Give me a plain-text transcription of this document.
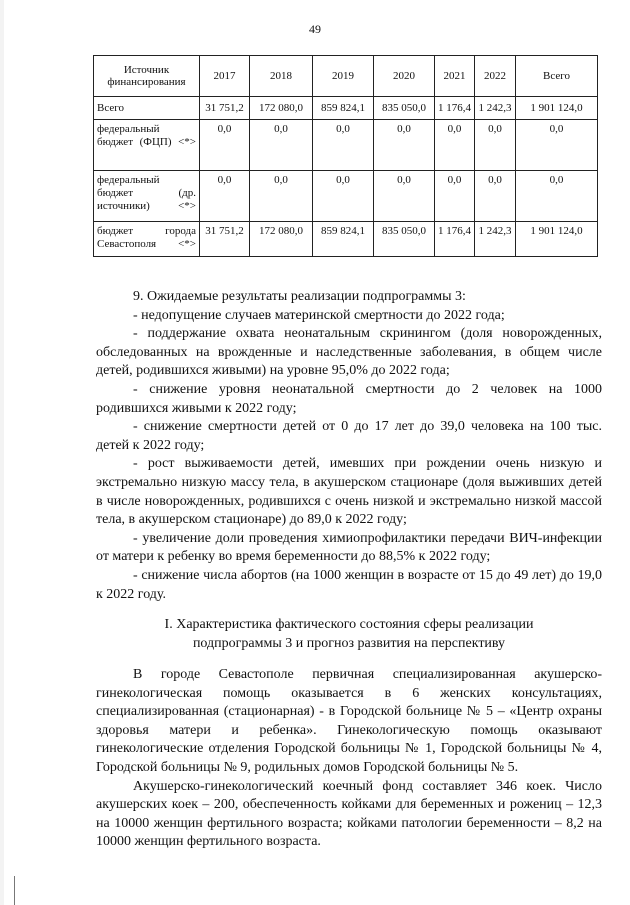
49
Источник финансирования	2017	2018	2019	2020	2021	2022	Всего
Всего	31 751,2	172 080,0	859 824,1	835 050,0	1 176,4	1 242,3	1 901 124,0
федеральный бюджет (ФЦП) <*>	0,0	0,0	0,0	0,0	0,0	0,0	0,0
федеральный бюджет (др. источники) <*>	0,0	0,0	0,0	0,0	0,0	0,0	0,0
бюджет города Севастополя <*>	31 751,2	172 080,0	859 824,1	835 050,0	1 176,4	1 242,3	1 901 124,0

9. Ожидаемые результаты реализации подпрограммы 3:

- недопущение случаев материнской смертности до 2022 года;

- поддержание охвата неонатальным скринингом (доля новорожденных, обследованных на врожденные и наследственные заболевания, в общем числе детей, родившихся живыми) на уровне 95,0% до 2022 года;

- снижение уровня неонатальной смертности до 2 человек на 1000 родившихся живыми к 2022 году;

- снижение смертности детей от 0 до 17 лет до 39,0 человека на 100 тыс. детей к 2022 году;

- рост выживаемости детей, имевших при рождении очень низкую и экстремально низкую массу тела, в акушерском стационаре (доля выживших детей в числе новорожденных, родившихся с очень низкой и экстремально низкой массой тела, в акушерском стационаре) до 89,0 к 2022 году;

- увеличение доли проведения химиопрофилактики передачи ВИЧ-инфекции от матери к ребенку во время беременности до 88,5% к 2022 году;

- снижение числа абортов (на 1000 женщин в возрасте от 15 до 49 лет) до 19,0 к 2022 году.

I. Характеристика фактического состояния сферы реализации
подпрограммы 3 и прогноз развития на перспективу

В городе Севастополе первичная специализированная акушерско-гинекологическая помощь оказывается в 6 женских консультациях, специализированная (стационарная) - в Городской больнице № 5 – «Центр охраны здоровья матери и ребенка». Гинекологическую помощь оказывают гинекологические отделения Городской больницы № 1, Городской больницы № 4, Городской больницы № 9, родильных домов Городской больницы № 5.

Акушерско-гинекологический коечный фонд составляет 346 коек. Число акушерских коек – 200, обеспеченность койками для беременных и рожениц – 12,3 на 10000 женщин фертильного возраста; койками патологии беременности – 8,2 на 10000 женщин фертильного возраста.
